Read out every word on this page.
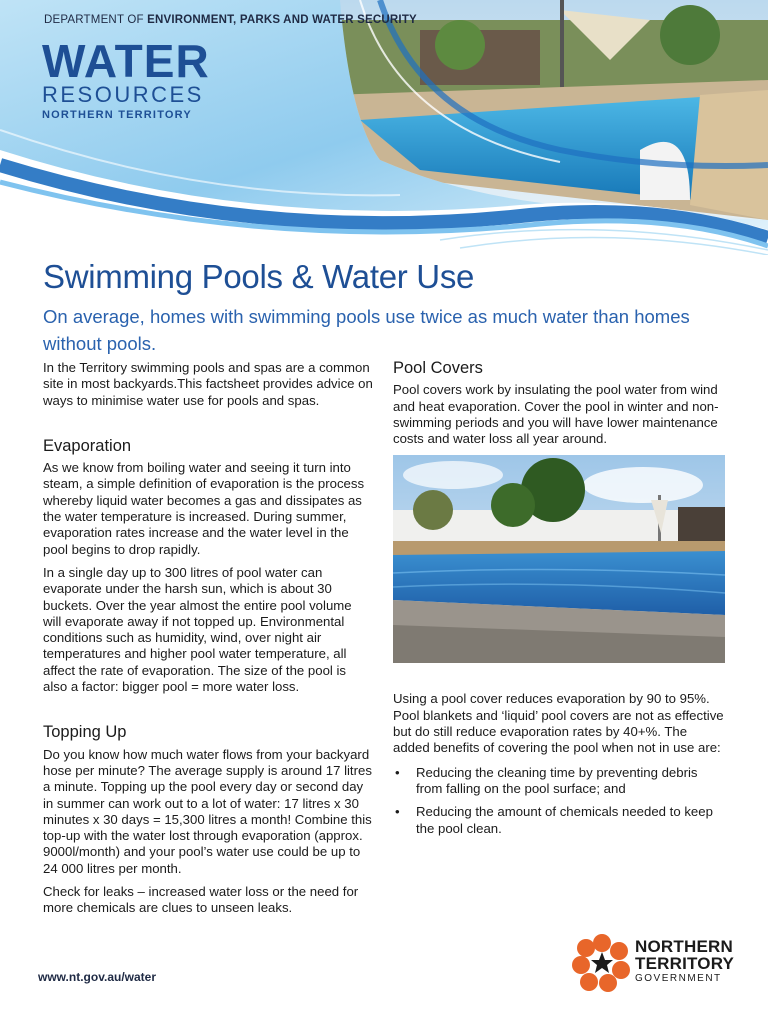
DEPARTMENT OF ENVIRONMENT, PARKS AND WATER SECURITY
WATER
RESOURCES
NORTHERN TERRITORY
Swimming Pools & Water Use
On average, homes with swimming pools use twice as much water than homes without pools.

In the Territory swimming pools and spas are a common site in most backyards.This factsheet provides advice on ways to minimise water use for pools and spas.

Evaporation

As we know from boiling water and seeing it turn into steam, a simple definition of evaporation is the process whereby liquid water becomes a gas and dissipates as the water temperature is increased. During summer, evaporation rates increase and the water level in the pool begins to drop rapidly.

In a single day up to 300 litres of pool water can evaporate under the harsh sun, which is about 30 buckets. Over the year almost the entire pool volume will evaporate away if not topped up. Environmental conditions such as humidity, wind, over night air temperatures and higher pool water temperature, all affect the rate of evaporation. The size of the pool is also a factor: bigger pool = more water loss.

Topping Up

Do you know how much water flows from your backyard hose per minute? The average supply is around 17 litres a minute. Topping up the pool every day or second day in summer can work out to a lot of water: 17 litres x 30 minutes x 30 days = 15,300 litres a month! Combine this top-up with the water lost through evaporation (approx. 9000l/month) and your pool’s water use could be up to 24 000 litres per month.

Check for leaks – increased water loss or the need for more chemicals are clues to unseen leaks.

Pool Covers

Pool covers work by insulating the pool water from wind and heat evaporation. Cover the pool in winter and non-swimming periods and you will have lower maintenance costs and water loss all year around.

Using a pool cover reduces evaporation by 90 to 95%. Pool blankets and ‘liquid’ pool covers are not as effective but do still reduce evaporation rates by 40+%. The added benefits of covering the pool when not in use are:

• Reducing the cleaning time by preventing debris from falling on the pool surface; and
• Reducing the amount of chemicals needed to keep the pool clean.
www.nt.gov.au/water
NORTHERN
TERRITORY
GOVERNMENT
